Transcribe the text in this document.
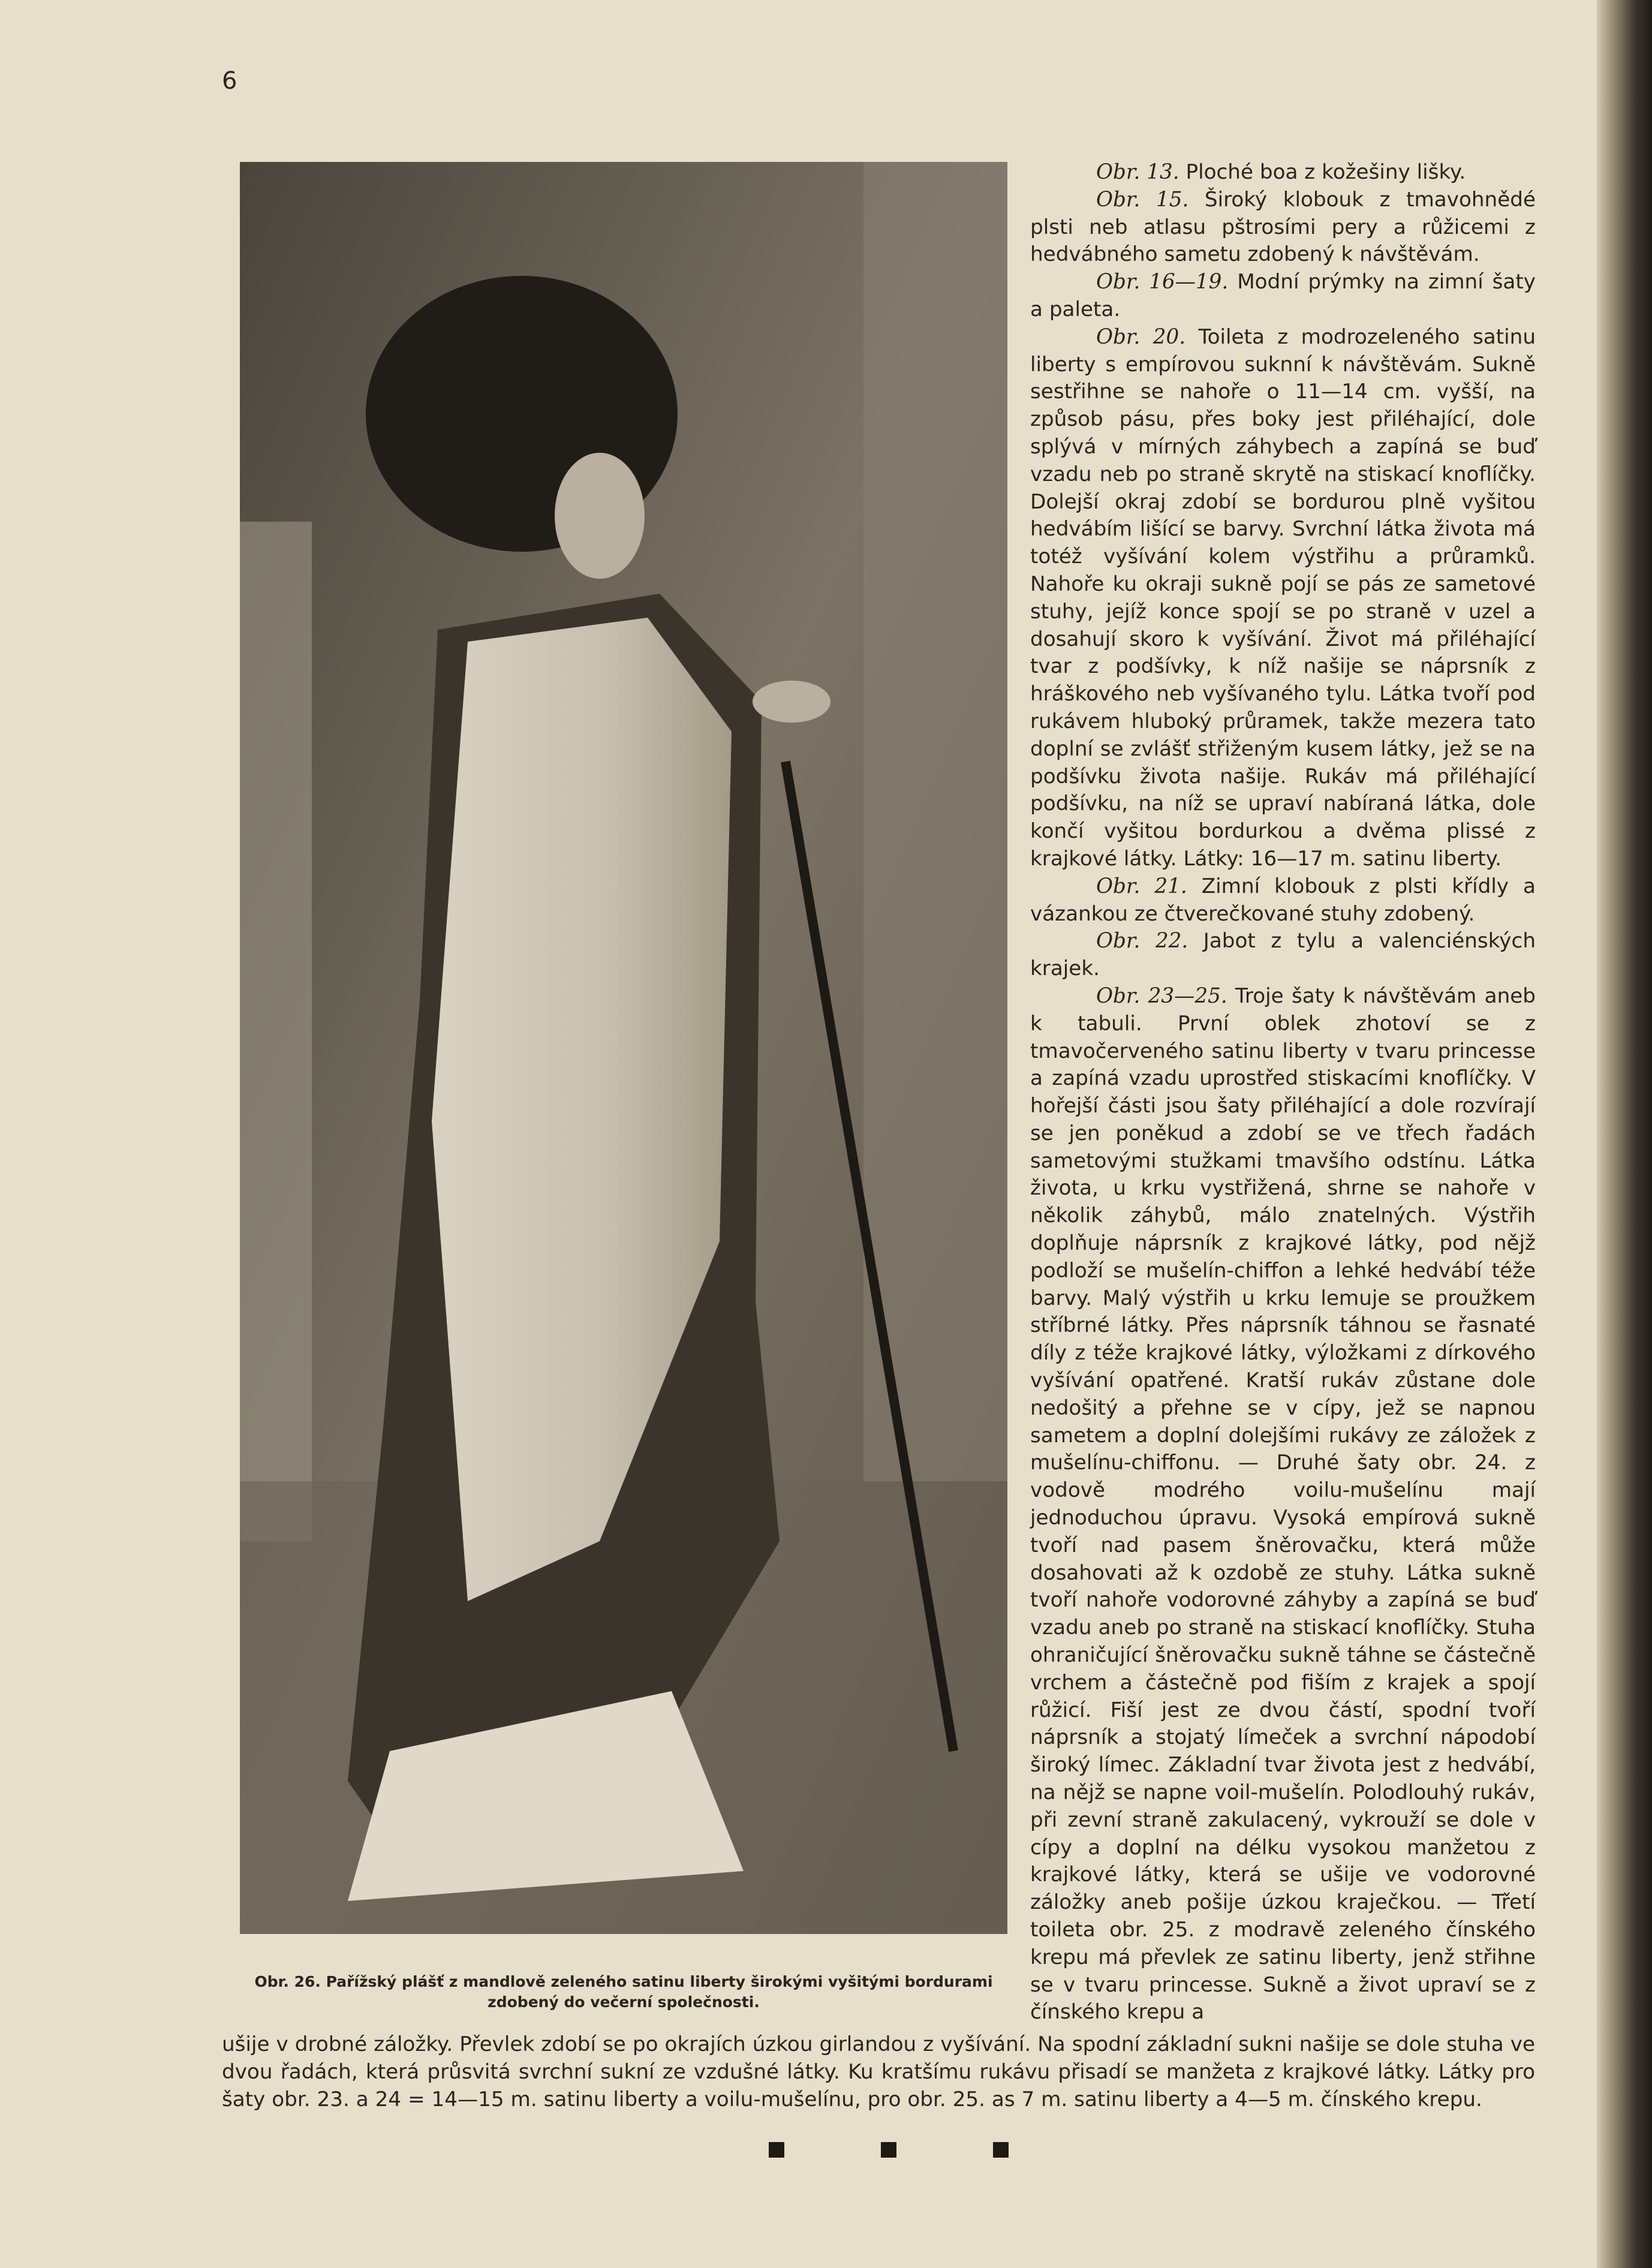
6
Obr. 26. Pařížský plášť z mandlově zeleného satinu liberty širokými vyšitými bordurami zdobený do večerní společnosti.

Obr. 13. Ploché boa z kožešiny lišky.

Obr. 15. Široký klobouk z tmavohnědé plsti neb atlasu pštrosími pery a růžicemi z hedvábného sametu zdobený k návštěvám.

Obr. 16—19. Modní prýmky na zimní šaty a paleta.

Obr. 20. Toileta z modrozeleného satinu liberty s empírovou suknní k návštěvám. Sukně sestřihne se nahoře o 11—14 cm. vyšší, na způsob pásu, přes boky jest přiléhající, dole splývá v mírných záhybech a zapíná se buď vzadu neb po straně skrytě na stiskací knoflíčky. Dolejší okraj zdobí se bordurou plně vyšitou hedvábím lišící se barvy. Svrchní látka života má totéž vyšívání kolem výstřihu a průramků. Nahoře ku okraji sukně pojí se pás ze sametové stuhy, jejíž konce spojí se po straně v uzel a dosahují skoro k vyšívání. Život má přiléhající tvar z podšívky, k níž našije se náprsník z hráškového neb vyšívaného tylu. Látka tvoří pod rukávem hluboký průramek, takže mezera tato doplní se zvlášť střiženým kusem látky, jež se na podšívku života našije. Rukáv má přiléhající podšívku, na níž se upraví nabíraná látka, dole končí vyšitou bordurkou a dvěma plissé z krajkové látky. Látky: 16—17 m. satinu liberty.

Obr. 21. Zimní klobouk z plsti křídly a vázankou ze čtverečkované stuhy zdobený.

Obr. 22. Jabot z tylu a valenciénských krajek.

Obr. 23—25. Troje šaty k návštěvám aneb k tabuli. První oblek zhotoví se z tmavočerveného satinu liberty v tvaru princesse a zapíná vzadu uprostřed stiskacími knoflíčky. V hořejší části jsou šaty přiléhající a dole rozvírají se jen poněkud a zdobí se ve třech řadách sametovými stužkami tmavšího odstínu. Látka života, u krku vystřižená, shrne se nahoře v několik záhybů, málo znatelných. Výstřih doplňuje náprsník z krajkové látky, pod nějž podloží se mušelín-chiffon a lehké hedvábí téže barvy. Malý výstřih u krku lemuje se proužkem stříbrné látky. Přes náprsník táhnou se řasnaté díly z téže krajkové látky, výložkami z dírkového vyšívání opatřené. Kratší rukáv zůstane dole nedošitý a přehne se v cípy, jež se napnou sametem a doplní dolejšími rukávy ze záložek z mušelínu-chiffonu. — Druhé šaty obr. 24. z vodově modrého voilu-mušelínu mají jednoduchou úpravu. Vysoká empírová sukně tvoří nad pasem šněrovačku, která může dosahovati až k ozdobě ze stuhy. Látka sukně tvoří nahoře vodorovné záhyby a zapíná se buď vzadu aneb po straně na stiskací knoflíčky. Stuha ohraničující šněrovačku sukně táhne se částečně vrchem a částečně pod fiším z krajek a spojí růžicí. Fiší jest ze dvou částí, spodní tvoří náprsník a stojatý límeček a svrchní nápodobí široký límec. Základní tvar života jest z hedvábí, na nějž se napne voil-mušelín. Polodlouhý rukáv, při zevní straně zakulacený, vykrouží se dole v cípy a doplní na délku vysokou manžetou z krajkové látky, která se ušije ve vodorovné záložky aneb pošije úzkou kraječkou. — Třetí toileta obr. 25. z modravě zeleného čínského krepu má převlek ze satinu liberty, jenž střihne se v tvaru princesse. Sukně a život upraví se z čínského krepu a

ušije v drobné záložky. Převlek zdobí se po okrajích úzkou girlandou z vyšívání. Na spodní základní sukni našije se dole stuha ve dvou řadách, která průsvitá svrchní sukní ze vzdušné látky. Ku kratšímu rukávu přisadí se manžeta z krajkové látky. Látky pro šaty obr. 23. a 24 = 14—15 m. satinu liberty a voilu-mušelínu, pro obr. 25. as 7 m. satinu liberty a 4—5 m. čínského krepu.
